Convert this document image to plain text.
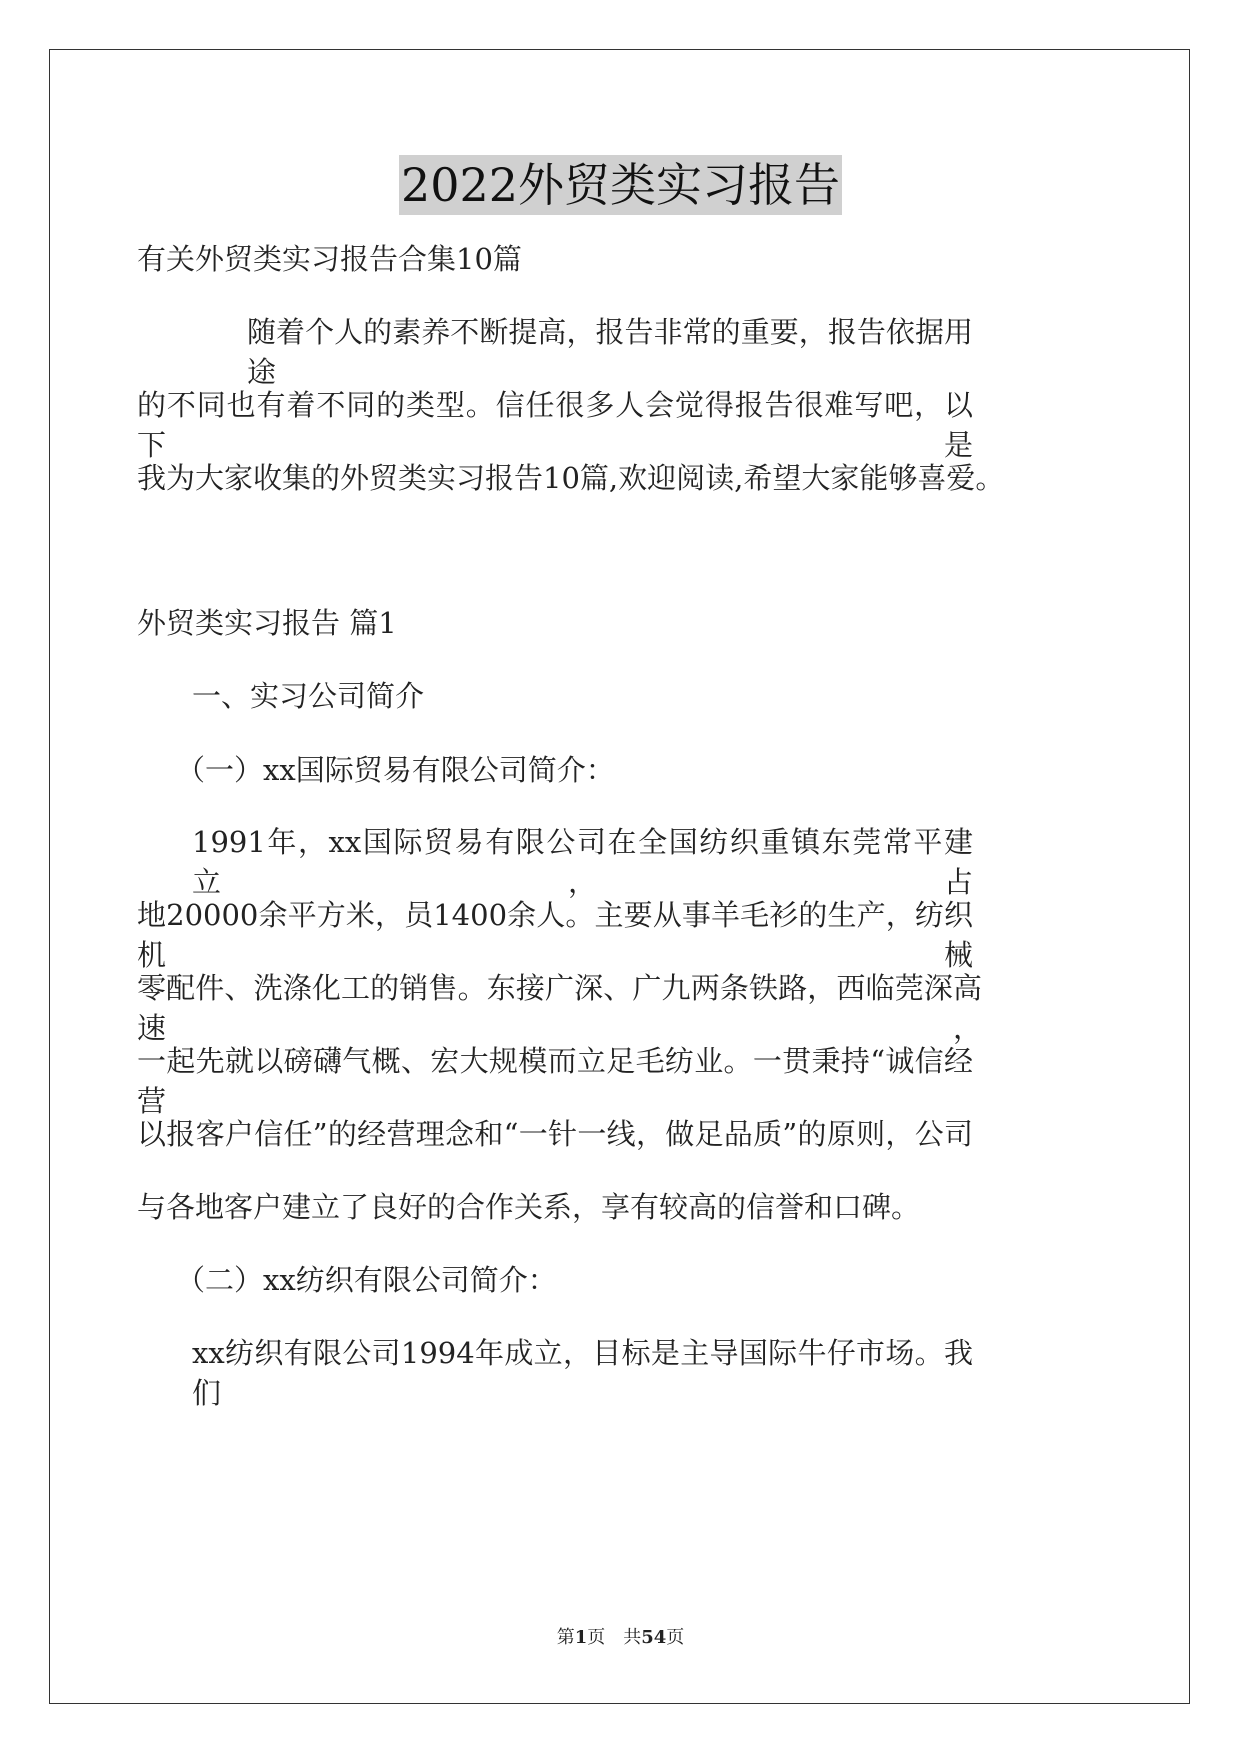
2022外贸类实习报告
有关外贸类实习报告合集10篇
随着个人的素养不断提高，报告非常的重要，报告依据用途
的不同也有着不同的类型。信任很多人会觉得报告很难写吧，以下是
我为大家收集的外贸类实习报告10篇,欢迎阅读,希望大家能够喜爱。
外贸类实习报告 篇1
一、实习公司简介
（一）xx国际贸易有限公司简介：
1991年，xx国际贸易有限公司在全国纺织重镇东莞常平建立，占
地20000余平方米，员1400余人。主要从事羊毛衫的生产，纺织机械
零配件、洗涤化工的销售。东接广深、广九两条铁路，西临莞深高速，
一起先就以磅礴气概、宏大规模而立足毛纺业。一贯秉持“诚信经营
以报客户信任”的经营理念和“一针一线，做足品质”的原则，公司
与各地客户建立了良好的合作关系，享有较高的信誉和口碑。
（二）xx纺织有限公司简介：
xx纺织有限公司1994年成立，目标是主导国际牛仔市场。我们
第1页　共54页
